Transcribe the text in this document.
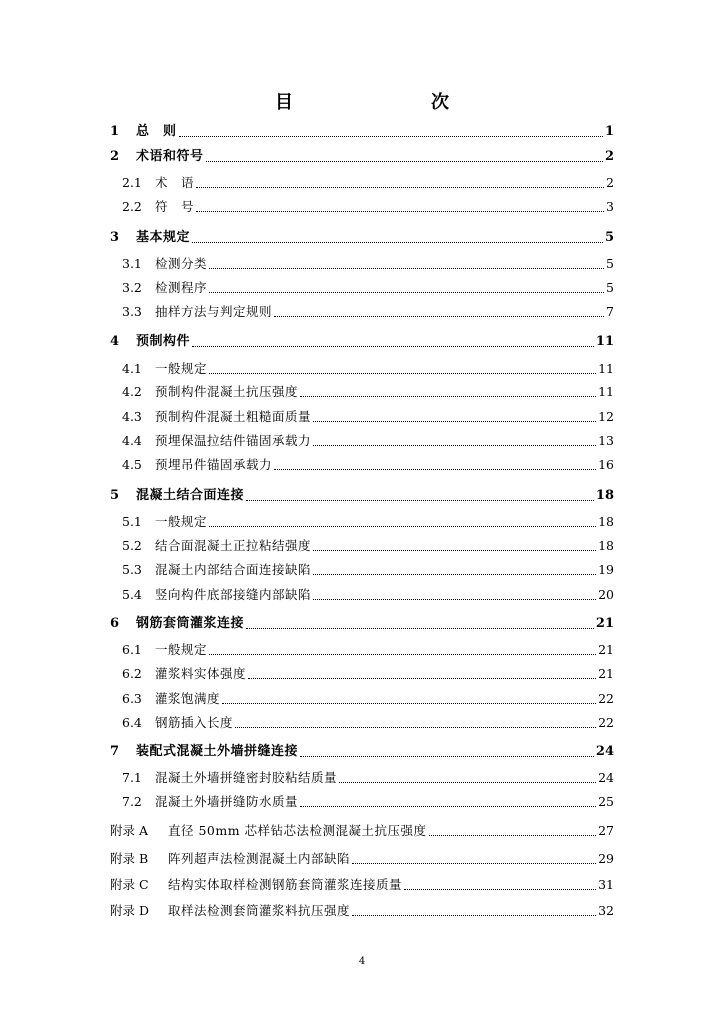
目　　次
1	总　则	1
2	术语和符号	2
2.1	术　语	2
2.2	符　号	3
3	基本规定	5
3.1	检测分类	5
3.2	检测程序	5
3.3	抽样方法与判定规则	7
4	预制构件	11
4.1	一般规定	11
4.2	预制构件混凝土抗压强度	11
4.3	预制构件混凝土粗糙面质量	12
4.4	预埋保温拉结件锚固承载力	13
4.5	预埋吊件锚固承载力	16
5	混凝土结合面连接	18
5.1	一般规定	18
5.2	结合面混凝土正拉粘结强度	18
5.3	混凝土内部结合面连接缺陷	19
5.4	竖向构件底部接缝内部缺陷	20
6	钢筋套筒灌浆连接	21
6.1	一般规定	21
6.2	灌浆料实体强度	21
6.3	灌浆饱满度	22
6.4	钢筋插入长度	22
7	装配式混凝土外墙拼缝连接	24
7.1	混凝土外墙拼缝密封胶粘结质量	24
7.2	混凝土外墙拼缝防水质量	25
附录 A	直径 50mm 芯样钻芯法检测混凝土抗压强度	27
附录 B	阵列超声法检测混凝土内部缺陷	29
附录 C	结构实体取样检测钢筋套筒灌浆连接质量	31
附录 D	取样法检测套筒灌浆料抗压强度	32
4
